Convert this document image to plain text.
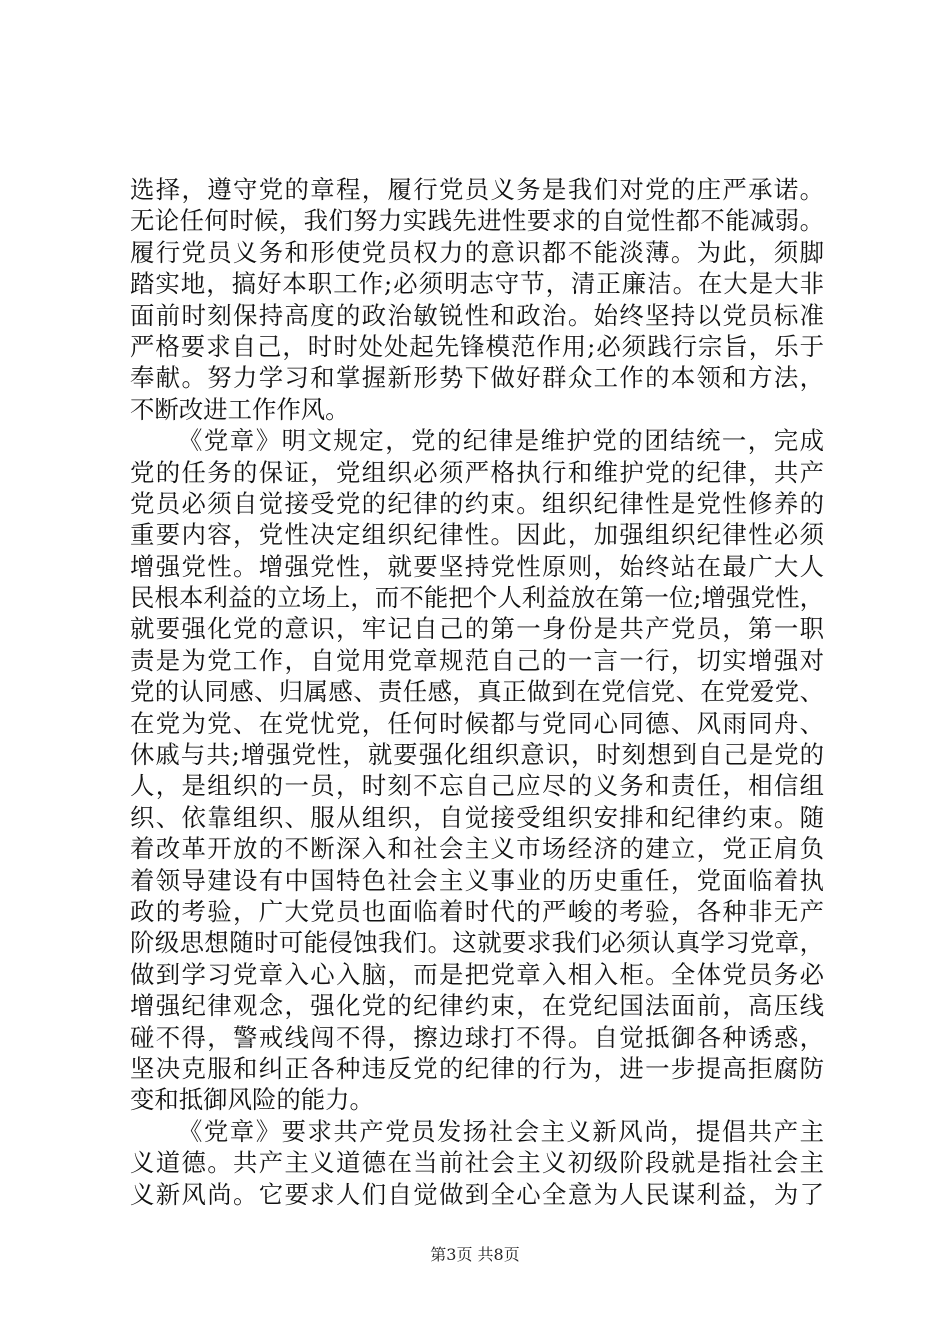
选择，遵守党的章程，履行党员义务是我们对党的庄严承诺。
无论任何时候，我们努力实践先进性要求的自觉性都不能减弱。
履行党员义务和形使党员权力的意识都不能淡薄。为此，须脚
踏实地，搞好本职工作;必须明志守节，清正廉洁。在大是大非
面前时刻保持高度的政治敏锐性和政治。始终坚持以党员标准
严格要求自己，时时处处起先锋模范作用;必须践行宗旨，乐于
奉献。努力学习和掌握新形势下做好群众工作的本领和方法，
不断改进工作作风。
《党章》明文规定，党的纪律是维护党的团结统一，完成
党的任务的保证，党组织必须严格执行和维护党的纪律，共产
党员必须自觉接受党的纪律的约束。组织纪律性是党性修养的
重要内容，党性决定组织纪律性。因此，加强组织纪律性必须
增强党性。增强党性，就要坚持党性原则，始终站在最广大人
民根本利益的立场上，而不能把个人利益放在第一位;增强党性，
就要强化党的意识，牢记自己的第一身份是共产党员，第一职
责是为党工作，自觉用党章规范自己的一言一行，切实增强对
党的认同感、归属感、责任感，真正做到在党信党、在党爱党、
在党为党、在党忧党，任何时候都与党同心同德、风雨同舟、
休戚与共;增强党性，就要强化组织意识，时刻想到自己是党的
人，是组织的一员，时刻不忘自己应尽的义务和责任，相信组
织、依靠组织、服从组织，自觉接受组织安排和纪律约束。随
着改革开放的不断深入和社会主义市场经济的建立，党正肩负
着领导建设有中国特色社会主义事业的历史重任，党面临着执
政的考验，广大党员也面临着时代的严峻的考验，各种非无产
阶级思想随时可能侵蚀我们。这就要求我们必须认真学习党章，
做到学习党章入心入脑，而是把党章入相入柜。全体党员务必
增强纪律观念，强化党的纪律约束，在党纪国法面前，高压线
碰不得，警戒线闯不得，擦边球打不得。自觉抵御各种诱惑，
坚决克服和纠正各种违反党的纪律的行为，进一步提高拒腐防
变和抵御风险的能力。
《党章》要求共产党员发扬社会主义新风尚，提倡共产主
义道德。共产主义道德在当前社会主义初级阶段就是指社会主
义新风尚。它要求人们自觉做到全心全意为人民谋利益，为了
第3页 共8页
